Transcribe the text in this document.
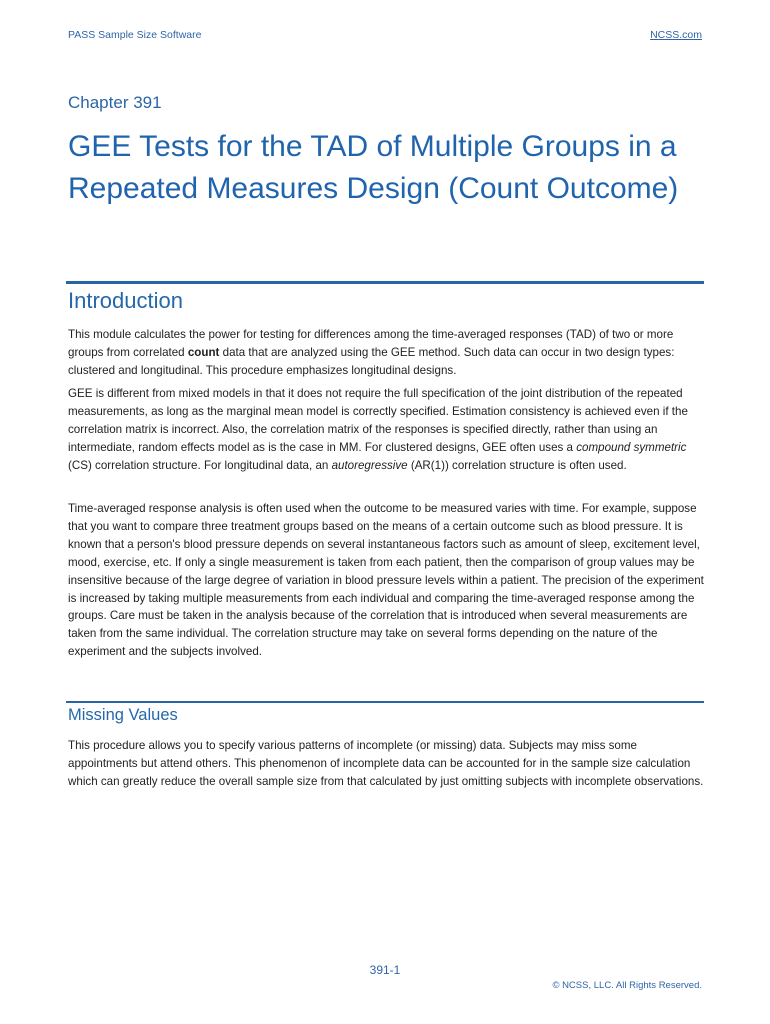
PASS Sample Size Software	NCSS.com
Chapter 391
GEE Tests for the TAD of Multiple Groups in a Repeated Measures Design (Count Outcome)
Introduction

This module calculates the power for testing for differences among the time-averaged responses (TAD) of two or more groups from correlated count data that are analyzed using the GEE method. Such data can occur in two design types: clustered and longitudinal. This procedure emphasizes longitudinal designs.

GEE is different from mixed models in that it does not require the full specification of the joint distribution of the repeated measurements, as long as the marginal mean model is correctly specified. Estimation consistency is achieved even if the correlation matrix is incorrect. Also, the correlation matrix of the responses is specified directly, rather than using an intermediate, random effects model as is the case in MM. For clustered designs, GEE often uses a compound symmetric (CS) correlation structure. For longitudinal data, an autoregressive (AR(1)) correlation structure is often used.

Time-averaged response analysis is often used when the outcome to be measured varies with time. For example, suppose that you want to compare three treatment groups based on the means of a certain outcome such as blood pressure. It is known that a person's blood pressure depends on several instantaneous factors such as amount of sleep, excitement level, mood, exercise, etc. If only a single measurement is taken from each patient, then the comparison of group values may be insensitive because of the large degree of variation in blood pressure levels within a patient. The precision of the experiment is increased by taking multiple measurements from each individual and comparing the time-averaged response among the groups. Care must be taken in the analysis because of the correlation that is introduced when several measurements are taken from the same individual. The correlation structure may take on several forms depending on the nature of the experiment and the subjects involved.

Missing Values

This procedure allows you to specify various patterns of incomplete (or missing) data. Subjects may miss some appointments but attend others. This phenomenon of incomplete data can be accounted for in the sample size calculation which can greatly reduce the overall sample size from that calculated by just omitting subjects with incomplete observations.

391-1
© NCSS, LLC. All Rights Reserved.
